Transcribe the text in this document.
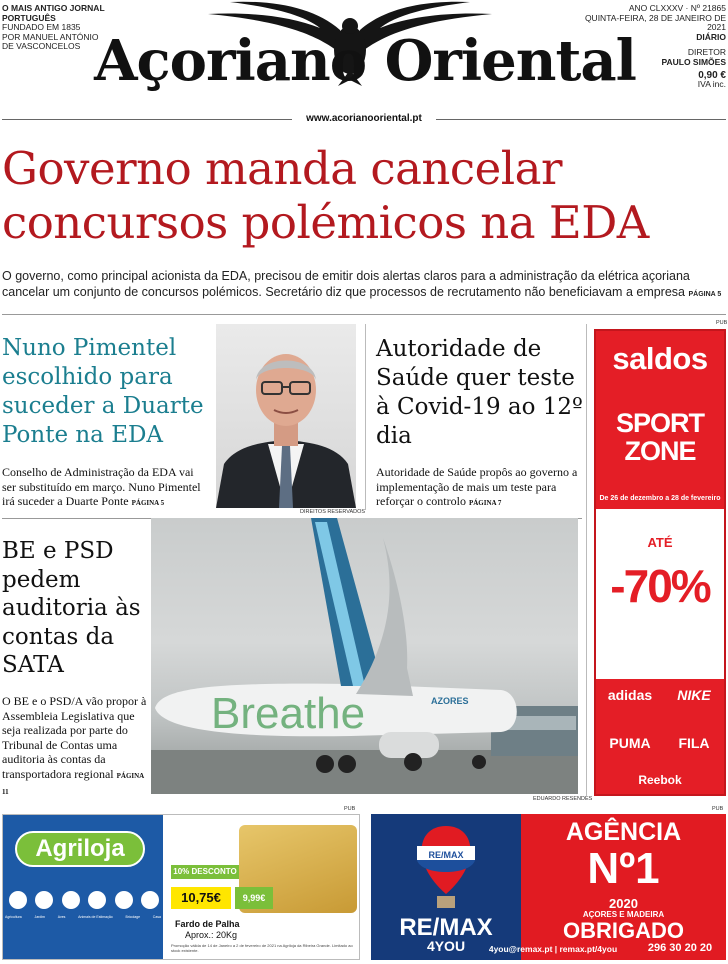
O MAIS ANTIGO JORNAL PORTUGUÊS
FUNDADO EM 1835
POR MANUEL ANTÓNIO
DE VASCONCELOS Açoriano Oriental
ANO CLXXXV · Nº 21865
QUINTA-FEIRA, 28 DE JANEIRO DE 2021
DIÁRIO
DIRETOR
PAULO SIMÕES
0,90 €
IVA inc.
www.acorianooriental.pt
Governo manda cancelar
concursos polémicos na EDA
O governo, como principal acionista da EDA, precisou de emitir dois alertas claros para a administração da elétrica açoriana cancelar um conjunto de concursos polémicos. Secretário diz que processos de recrutamento não beneficiavam a empresa PÁGINA 5
Nuno Pimentel escolhido para suceder a Duarte Ponte na EDA
Conselho de Administração da EDA vai ser substituído em março. Nuno Pimentel irá suceder a Duarte Ponte PÁGINA 5
DIREITOS RESERVADOS
Autoridade de Saúde quer teste à Covid-19 ao 12º dia
Autoridade de Saúde propôs ao governo a implementação de mais um teste para reforçar o controlo PÁGINA 7
BE e PSD pedem auditoria às contas da SATA
O BE e o PSD/A vão propor à Assembleia Legislativa que seja realizada por parte do Tribunal de Contas uma auditoria às contas da transportadora regional PÁGINA 11
Breathe	AZORES
EDUARDO RESENDES
saldos
SPORT
ZONE
De 26 de dezembro a 28 de fevereiro
ATÉ
-70%
adidas	NIKE
PUMA	FILA
Reebok
PUB
PUB
Agriloja
Agricultura	Jardim	Aves	Animais de Estimação	Bricolage	Casa
10% DESCONTO
10,75€	9,99€
Fardo de Palha
Aprox.: 20Kg
Promoção válida de 14 de Janeiro a 2 de fevereiro de 2021 na Agriloja da Ribeira Grande. Limitado ao stock existente.
PUB
RE/MAX
RE/MAX
4YOU
AGÊNCIA
Nº1
2020
AÇORES E MADEIRA
OBRIGADO
4you@remax.pt | remax.pt/4you	296 30 20 20
